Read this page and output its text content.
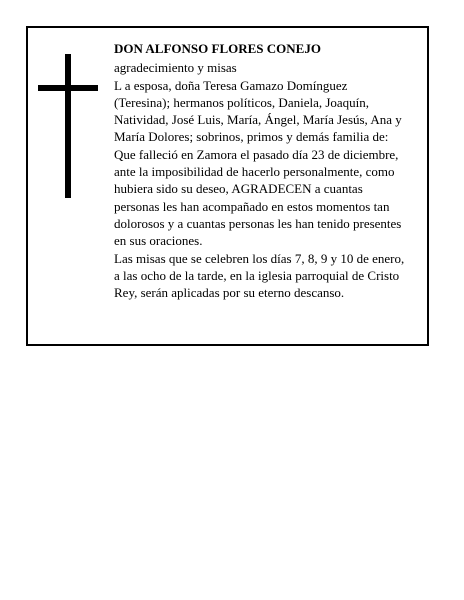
DON ALFONSO FLORES CONEJO
agradecimiento y misas
L a esposa, doña Teresa Gamazo Domínguez
(Teresina); hermanos políticos, Daniela, Joaquín,
Natividad, José Luis, María, Ángel, María Jesús, Ana y
María Dolores; sobrinos, primos y demás familia de:
Que falleció en Zamora el pasado día 23 de diciembre,
ante la imposibilidad de hacerlo personalmente, como
hubiera sido su deseo, AGRADECEN a cuantas
personas les han acompañado en estos momentos tan
dolorosos y a cuantas personas les han tenido presentes
en sus oraciones.
Las misas que se celebren los días 7, 8, 9 y 10 de enero,
a las ocho de la tarde, en la iglesia parroquial de Cristo
Rey, serán aplicadas por su eterno descanso.
